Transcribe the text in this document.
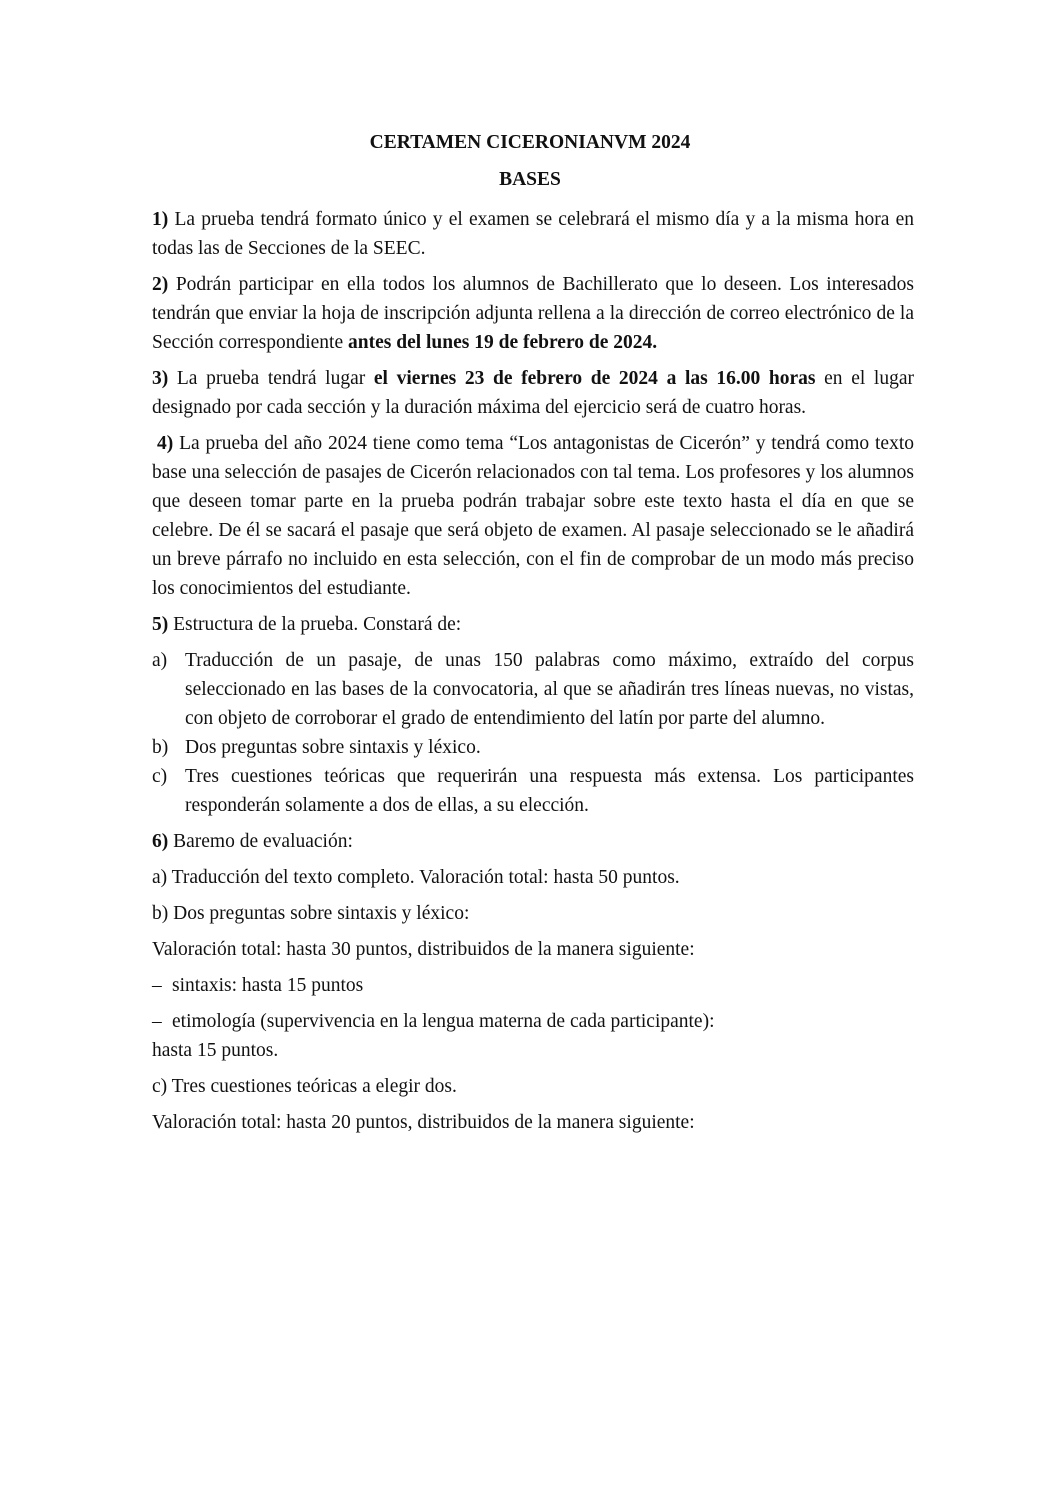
CERTAMEN CICERONIANVM 2024
BASES

1) La prueba tendrá formato único y el examen se celebrará el mismo día y a la misma hora en todas las de Secciones de la SEEC.

2) Podrán participar en ella todos los alumnos de Bachillerato que lo deseen. Los interesados tendrán que enviar la hoja de inscripción adjunta rellena a la dirección de correo electrónico de la Sección correspondiente antes del lunes 19 de febrero de 2024.

3) La prueba tendrá lugar el viernes 23 de febrero de 2024 a las 16.00 horas en el lugar designado por cada sección y la duración máxima del ejercicio será de cuatro horas.

4) La prueba del año 2024 tiene como tema “Los antagonistas de Cicerón” y tendrá como texto base una selección de pasajes de Cicerón relacionados con tal tema. Los profesores y los alumnos que deseen tomar parte en la prueba podrán trabajar sobre este texto hasta el día en que se celebre. De él se sacará el pasaje que será objeto de examen. Al pasaje seleccionado se le añadirá un breve párrafo no incluido en esta selección, con el fin de comprobar de un modo más preciso los conocimientos del estudiante.

5) Estructura de la prueba. Constará de:

a) Traducción de un pasaje, de unas 150 palabras como máximo, extraído del corpus seleccionado en las bases de la convocatoria, al que se añadirán tres líneas nuevas, no vistas, con objeto de corroborar el grado de entendimiento del latín por parte del alumno.

b) Dos preguntas sobre sintaxis y léxico.

c) Tres cuestiones teóricas que requerirán una respuesta más extensa. Los participantes responderán solamente a dos de ellas, a su elección.

6) Baremo de evaluación:

a) Traducción del texto completo. Valoración total: hasta 50 puntos.

b) Dos preguntas sobre sintaxis y léxico:

Valoración total: hasta 30 puntos, distribuidos de la manera siguiente:

– sintaxis: hasta 15 puntos

– etimología (supervivencia en la lengua materna de cada participante):
hasta 15 puntos.

c) Tres cuestiones teóricas a elegir dos.

Valoración total: hasta 20 puntos, distribuidos de la manera siguiente:
